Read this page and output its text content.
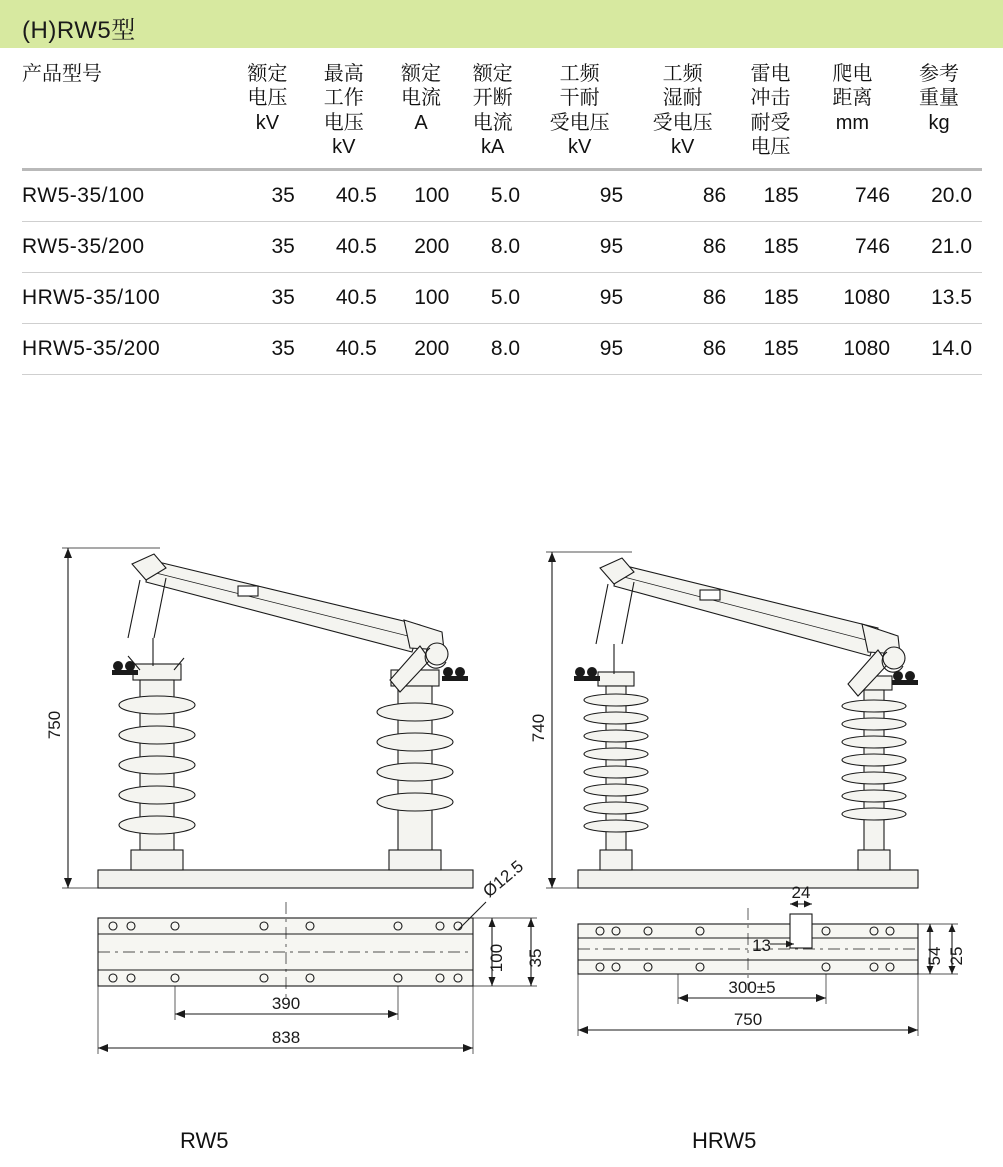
(H)RW5型
产品型号	额定
电压
kV	最高
工作
电压
kV	额定
电流
A	额定
开断
电流
kA	工频
干耐
受电压
kV	工频
湿耐
受电压
kV	雷电
冲击
耐受
电压	爬电
距离
mm	参考
重量
kg

RW5-35/100	35	40.5	100	5.0	95	86	185	746	20.0
RW5-35/200	35	40.5	200	8.0	95	86	185	746	21.0
HRW5-35/100	35	40.5	100	5.0	95	86	185	1080	13.5
HRW5-35/200	35	40.5	200	8.0	95	86	185	1080	14.0
750
Ø12.5
100 35
390
838
740
24
13
54 25
300±5
750
RW5	HRW5
